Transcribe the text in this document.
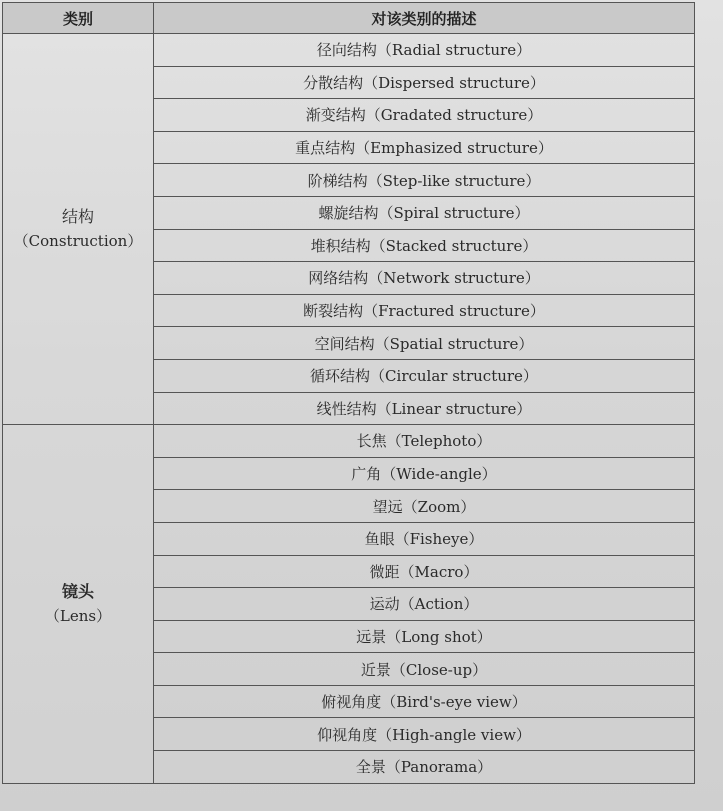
类别	对该类别的描述

结构
（Construction）	径向结构（Radial structure）
	分散结构（Dispersed structure）
	渐变结构（Gradated structure）
	重点结构（Emphasized structure）
	阶梯结构（Step-like structure）
	螺旋结构（Spiral structure）
	堆积结构（Stacked structure）
	网络结构（Network structure）
	断裂结构（Fractured structure）
	空间结构（Spatial structure）
	循环结构（Circular structure）
	线性结构（Linear structure）

镜头
（Lens）	长焦（Telephoto）
	广角（Wide-angle）
	望远（Zoom）
	鱼眼（Fisheye）
	微距（Macro）
	运动（Action）
	远景（Long shot）
	近景（Close-up）
	俯视角度（Bird's-eye view）
	仰视角度（High-angle view）
	全景（Panorama）
